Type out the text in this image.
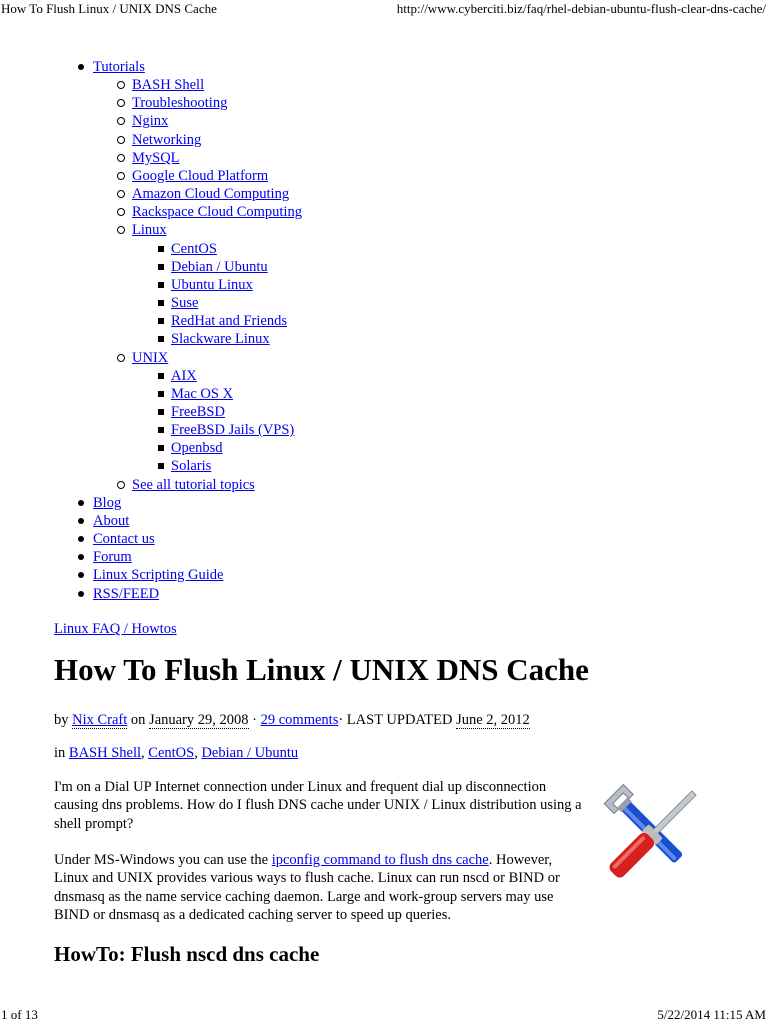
How To Flush Linux / UNIX DNS Cache	http://www.cyberciti.biz/faq/rhel-debian-ubuntu-flush-clear-dns-cache/
Tutorials
BASH Shell
Troubleshooting
Nginx
Networking
MySQL
Google Cloud Platform
Amazon Cloud Computing
Rackspace Cloud Computing
Linux
CentOS
Debian / Ubuntu
Ubuntu Linux
Suse
RedHat and Friends
Slackware Linux
UNIX
AIX
Mac OS X
FreeBSD
FreeBSD Jails (VPS)
Openbsd
Solaris
See all tutorial topics
Blog
About
Contact us
Forum
Linux Scripting Guide
RSS/FEED
Linux FAQ / Howtos
How To Flush Linux / UNIX DNS Cache
by Nix Craft on January 29, 2008 · 29 comments· LAST UPDATED June 2, 2012
in BASH Shell, CentOS, Debian / Ubuntu

I'm on a Dial UP Internet connection under Linux and frequent dial up disconnection causing dns problems. How do I flush DNS cache under UNIX / Linux distribution using a shell prompt?

Under MS-Windows you can use the ipconfig command to flush dns cache. However, Linux and UNIX provides various ways to flush cache. Linux can run nscd or BIND or dnsmasq as the name service caching daemon. Large and work-group servers may use BIND or dnsmasq as a dedicated caching server to speed up queries.

HowTo: Flush nscd dns cache
1 of 13	5/22/2014 11:15 AM
